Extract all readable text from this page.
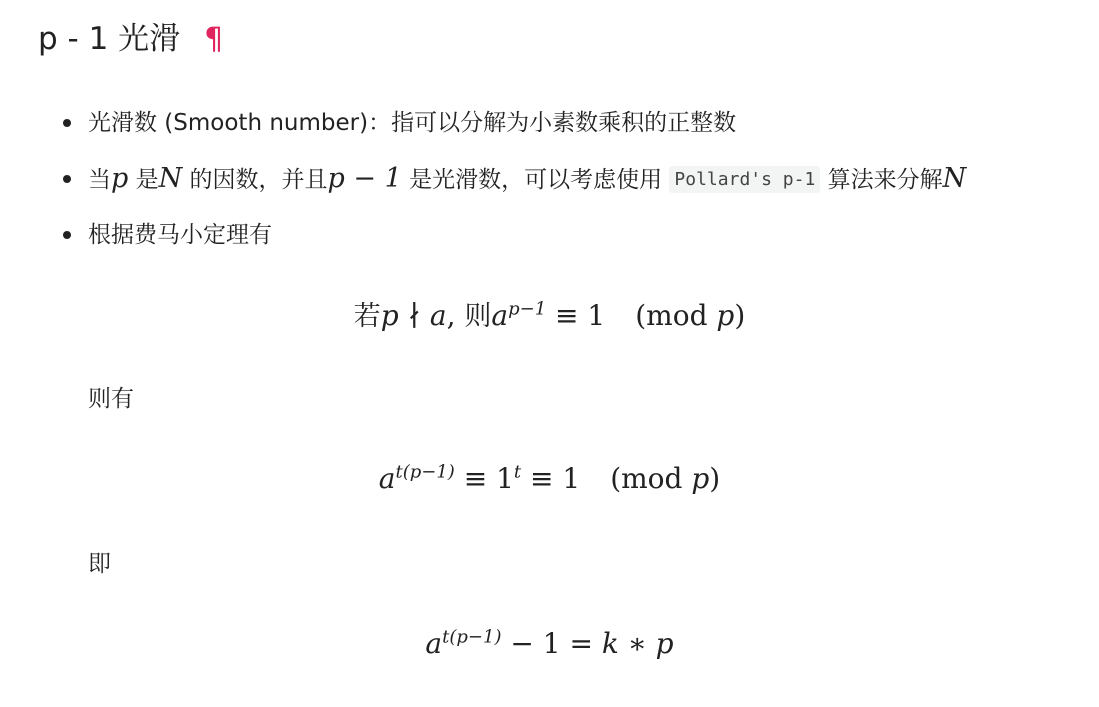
p - 1 光滑 ¶
光滑数 (Smooth number)：指可以分解为小素数乘积的正整数
当p 是N 的因数，并且p − 1 是光滑数，可以考虑使用 Pollard's p-1 算法来分解N
根据费马小定理有
若p ∤ a, 则$a^{p-1} \equiv 1$ (mod p)
则有
$a^{t(p-1)} \equiv 1^t \equiv 1$ (mod p)
即
$a^{t(p-1)} - 1 = k$ ∗ p
